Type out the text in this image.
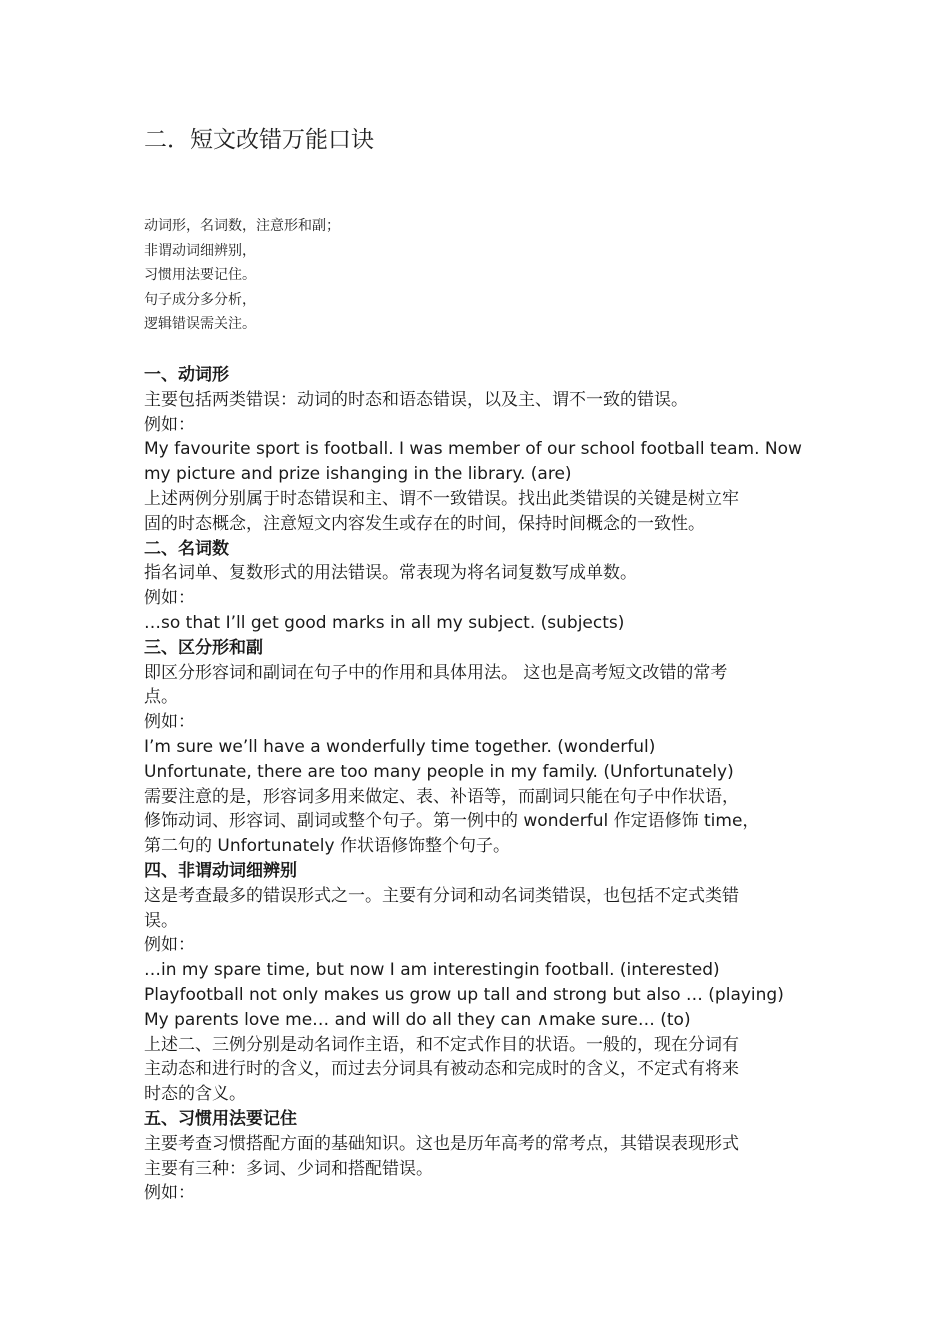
二．短文改错万能口诀
动词形，名词数，注意形和副；
非谓动词细辨别，
习惯用法要记住。
句子成分多分析，
逻辑错误需关注。
一、动词形
主要包括两类错误：动词的时态和语态错误，以及主、谓不一致的错误。
例如：
My favourite sport is football. I was member of our school football team. Now
my picture and prize ishanging in the library. (are)
上述两例分别属于时态错误和主、谓不一致错误。找出此类错误的关键是树立牢
固的时态概念，注意短文内容发生或存在的时间，保持时间概念的一致性。
二、名词数
指名词单、复数形式的用法错误。常表现为将名词复数写成单数。
例如：
…so that I’ll get good marks in all my subject. (subjects)
三、区分形和副
即区分形容词和副词在句子中的作用和具体用法。 这也是高考短文改错的常考
点。
例如：
I’m sure we’ll have a wonderfully time together. (wonderful)
Unfortunate, there are too many people in my family. (Unfortunately)
需要注意的是，形容词多用来做定、表、补语等，而副词只能在句子中作状语，
修饰动词、形容词、副词或整个句子。第一例中的 wonderful 作定语修饰 time，
第二句的 Unfortunately 作状语修饰整个句子。
四、非谓动词细辨别
这是考查最多的错误形式之一。主要有分词和动名词类错误，也包括不定式类错
误。
例如：
…in my spare time, but now I am interestingin football. (interested)
Playfootball not only makes us grow up tall and strong but also … (playing)
My parents love me… and will do all they can ∧make sure… (to)
上述二、三例分别是动名词作主语，和不定式作目的状语。一般的，现在分词有
主动态和进行时的含义，而过去分词具有被动态和完成时的含义，不定式有将来
时态的含义。
五、习惯用法要记住
主要考查习惯搭配方面的基础知识。这也是历年高考的常考点，其错误表现形式
主要有三种：多词、少词和搭配错误。
例如：
